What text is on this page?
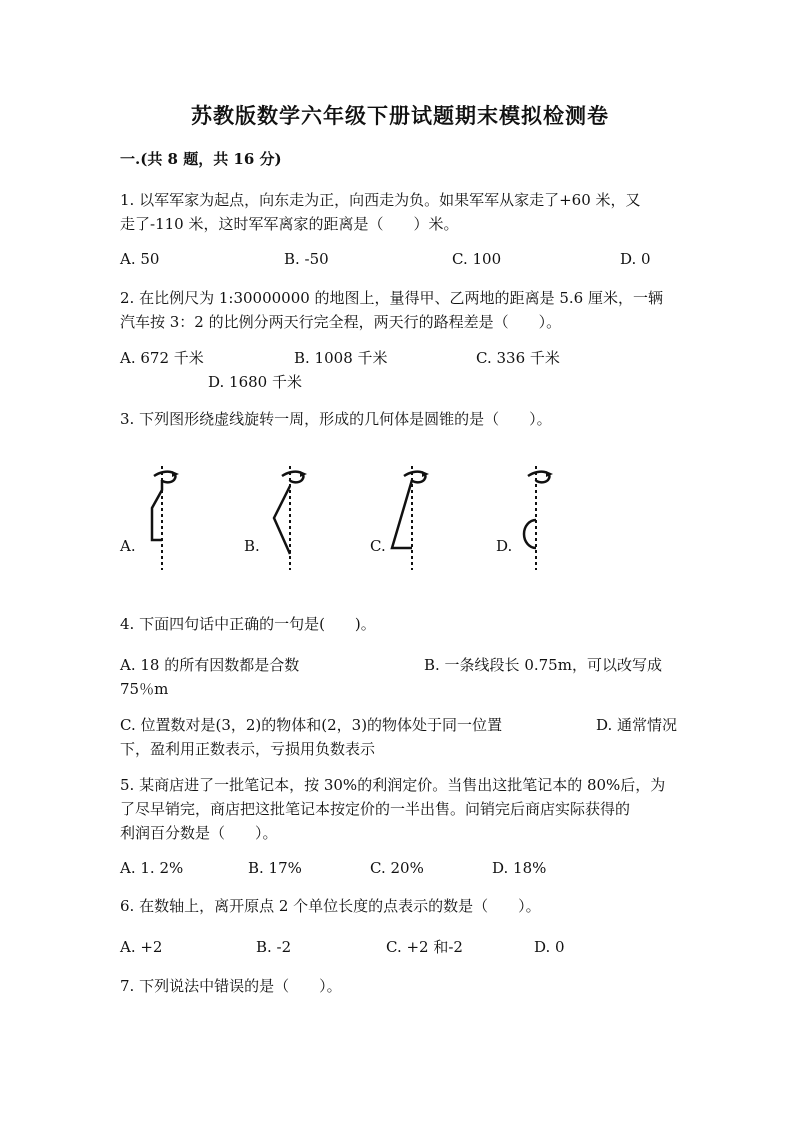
苏教版数学六年级下册试题期末模拟检测卷
一.(共 8 题，共 16 分)
1. 以军军家为起点，向东走为正，向西走为负。如果军军从家走了+60 米，又
走了-110 米，这时军军离家的距离是（　　）米。
A. 50	B. -50	C. 100	D. 0
2. 在比例尺为 1:30000000 的地图上，量得甲、乙两地的距离是 5.6 厘米，一辆
汽车按 3：2 的比例分两天行完全程，两天行的路程差是（　　）。
A. 672 千米	B. 1008 千米	C. 336 千米
D. 1680 千米
3. 下列图形绕虚线旋转一周，形成的几何体是圆锥的是（　　）。
A.	B.	C.	D.
4. 下面四句话中正确的一句是(　　)。
A. 18 的所有因数都是合数	B. 一条线段长 0.75m，可以改写成
75％m
C. 位置数对是(3，2)的物体和(2，3)的物体处于同一位置	D. 通常情况
下，盈利用正数表示，亏损用负数表示
5. 某商店进了一批笔记本，按 30%的利润定价。当售出这批笔记本的 80%后，为
了尽早销完，商店把这批笔记本按定价的一半出售。问销完后商店实际获得的
利润百分数是（　　）。
A. 1. 2%	B. 17%	C. 20%	D. 18%
6. 在数轴上，离开原点 2 个单位长度的点表示的数是（　　）。
A. +2	B. -2	C. +2 和-2	D. 0
7. 下列说法中错误的是（　　）。
